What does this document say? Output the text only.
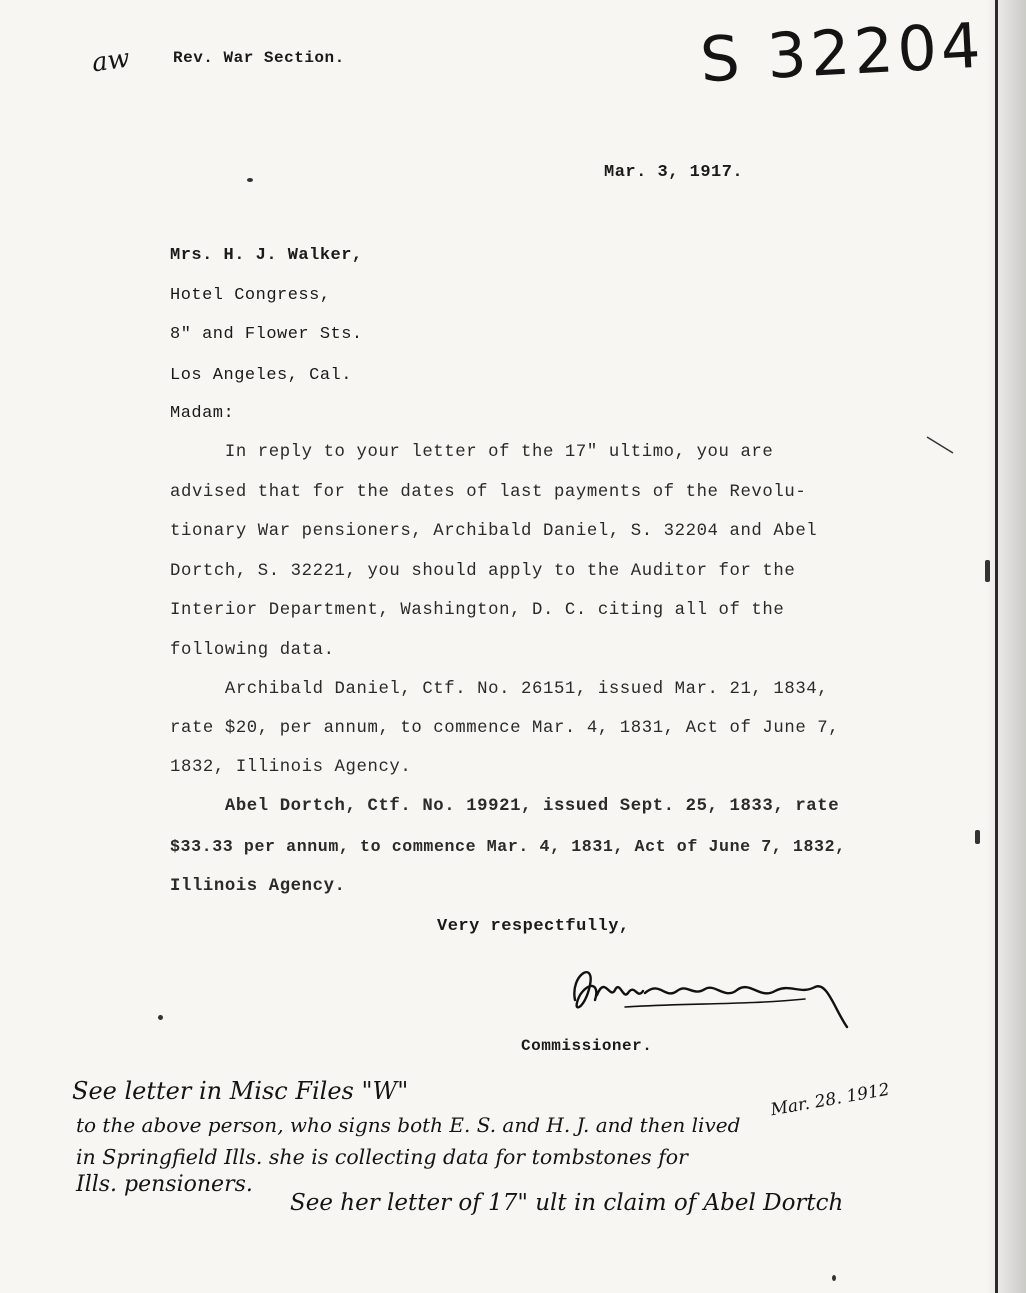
aw	Rev. War Section.	S 32204
Mar. 3, 1917.
Mrs. H. J. Walker,
Hotel Congress,
8" and Flower Sts.
Los Angeles, Cal.
Madam:
In reply to your letter of the 17" ultimo, you are
advised that for the dates of last payments of the Revolu-
tionary War pensioners, Archibald Daniel, S. 32204 and Abel
Dortch, S. 32221, you should apply to the Auditor for the
Interior Department, Washington, D. C. citing all of the
following data.
Archibald Daniel, Ctf. No. 26151, issued Mar. 21, 1834,
rate $20, per annum, to commence Mar. 4, 1831, Act of June 7,
1832, Illinois Agency.
Abel Dortch, Ctf. No. 19921, issued Sept. 25, 1833, rate
$33.33 per annum, to commence Mar. 4, 1831, Act of June 7, 1832,
Illinois Agency.
Very respectfully,
Commissioner.
See letter in Misc Files "W"	Mar. 28. 1912
to the above person, who signs both E. S. and H. J. and then lived
in Springfield Ills. she is collecting data for tombstones for
Ills. pensioners.
See her letter of 17" ult in claim of Abel Dortch
